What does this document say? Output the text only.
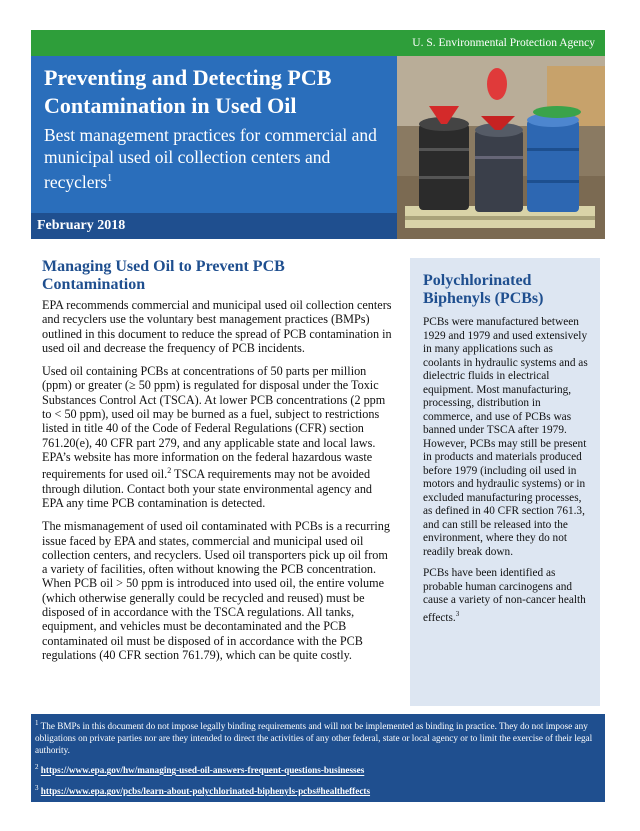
U. S. Environmental Protection Agency
Preventing and Detecting PCB
Contamination in Used Oil
Best management practices for commercial and municipal used oil collection centers and recyclers$^1$
February 2018
Managing Used Oil to Prevent PCB
Contamination

EPA recommends commercial and municipal used oil collection centers and recyclers use the voluntary best management practices (BMPs) outlined in this document to reduce the spread of PCB contamination in used oil and decrease the frequency of PCB incidents.

Used oil containing PCBs at concentrations of 50 parts per million (ppm) or greater (≥ 50 ppm) is regulated for disposal under the Toxic Substances Control Act (TSCA). At lower PCB concentrations (2 ppm to < 50 ppm), used oil may be burned as a fuel, subject to restrictions listed in title 40 of the Code of Federal Regulations (CFR) section 761.20(e), 40 CFR part 279, and any applicable state and local laws. EPA’s website has more information on the federal hazardous waste requirements for used oil.$^2$ TSCA requirements may not be avoided through dilution. Contact both your state environmental agency and EPA any time PCB contamination is detected.

The mismanagement of used oil contaminated with PCBs is a recurring issue faced by EPA and states, commercial and municipal used oil collection centers, and recyclers. Used oil transporters pick up oil from a variety of facilities, often without knowing the PCB concentration. When PCB oil > 50 ppm is introduced into used oil, the entire volume (which otherwise generally could be recycled and reused) must be disposed of in accordance with the TSCA regulations. All tanks, equipment, and vehicles must be decontaminated and the PCB contaminated oil must be disposed of in accordance with the PCB regulations (40 CFR section 761.79), which can be quite costly.

Polychlorinated
Biphenyls (PCBs)

PCBs were manufactured between 1929 and 1979 and used extensively in many applications such as coolants in hydraulic systems and as dielectric fluids in electrical equipment. Most manufacturing, processing, distribution in commerce, and use of PCBs was banned under TSCA after 1979. However, PCBs may still be present in products and materials produced before 1979 (including oil used in motors and hydraulic systems) or in excluded manufacturing processes, as defined in 40 CFR section 761.3, and can still be released into the environment, where they do not readily break down.

PCBs have been identified as probable human carcinogens and cause a variety of non-cancer health effects.$^3$

$^1$ The BMPs in this document do not impose legally binding requirements and will not be implemented as binding in practice. They do not impose any obligations on private parties nor are they intended to direct the activities of any other federal, state or local agency or to limit the exercise of their legal authority.
$^2$ https://www.epa.gov/hw/managing-used-oil-answers-frequent-questions-businesses
$^3$ https://www.epa.gov/pcbs/learn-about-polychlorinated-biphenyls-pcbs#healtheffects
